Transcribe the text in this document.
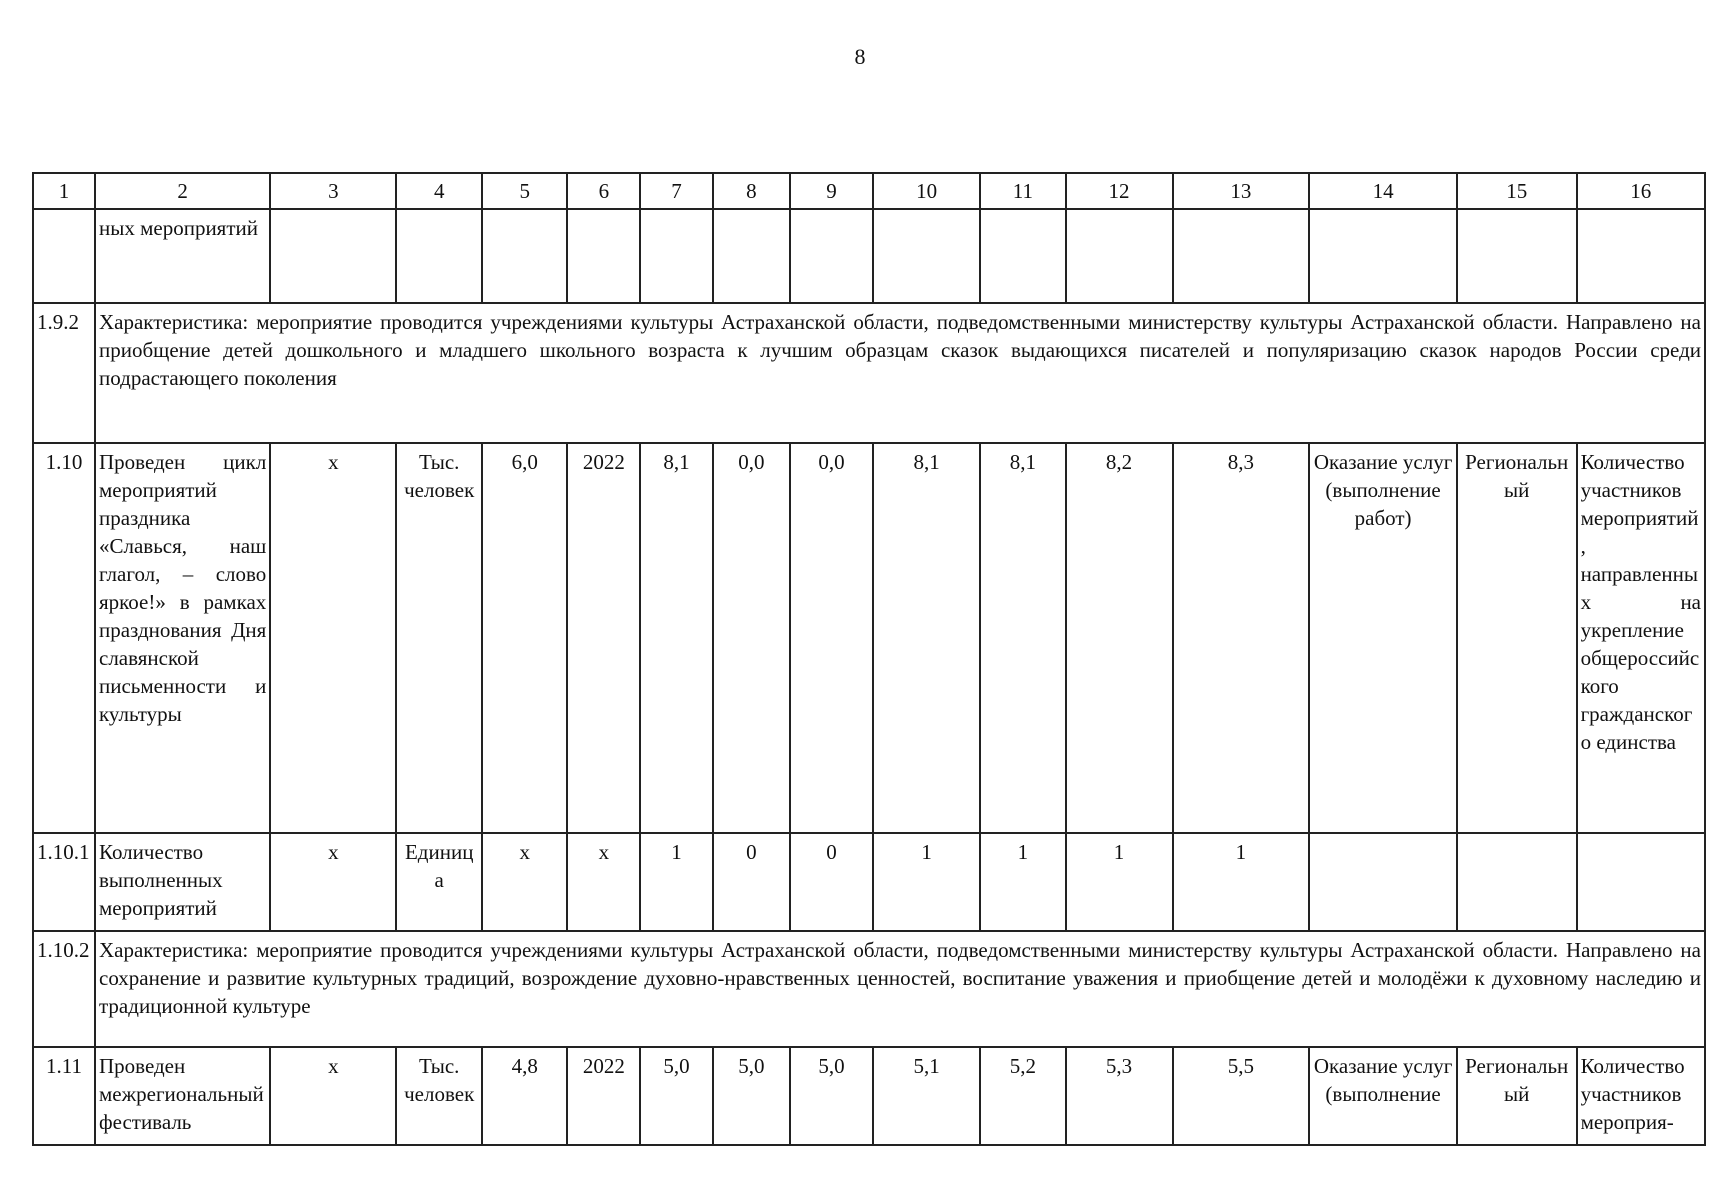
8
1	2	3	4	5	6	7	8	9	10	11	12	13	14	15	16
	ных мероприятий														
1.9.2	Характеристика: мероприятие проводится учреждениями культуры Астраханской области, подведомственными министерству культуры Астраханской области. Направлено на приобщение детей дошкольного и младшего школьного возраста к лучшим образцам сказок выдающихся писателей и популяризацию сказок народов России среди подрастающего поколения														
1.10	Проведен цикл мероприятий праздника «Славься, наш глагол, – слово яркое!» в рамках празднования Дня славянской письменности и культуры	х	Тыс. человек	6,0	2022	8,1	0,0	0,0	8,1	8,1	8,2	8,3	Оказание услуг (выполнение работ)	Региональный	Количество участников мероприятий, направленных на укрепление общероссийского гражданского единства
1.10.1	Количество выполненных мероприятий	х	Единица	х	х	1	0	0	1	1	1	1			
1.10.2	Характеристика: мероприятие проводится учреждениями культуры Астраханской области, подведомственными министерству культуры Астраханской области. Направлено на сохранение и развитие культурных традиций, возрождение духовно-нравственных ценностей, воспитание уважения и приобщение детей и молодёжи к духовному наследию и традиционной культуре														
1.11	Проведен межрегиональный фестиваль	х	Тыс. человек	4,8	2022	5,0	5,0	5,0	5,1	5,2	5,3	5,5	Оказание услуг (выполнение	Региональный	Количество участников мероприя-
